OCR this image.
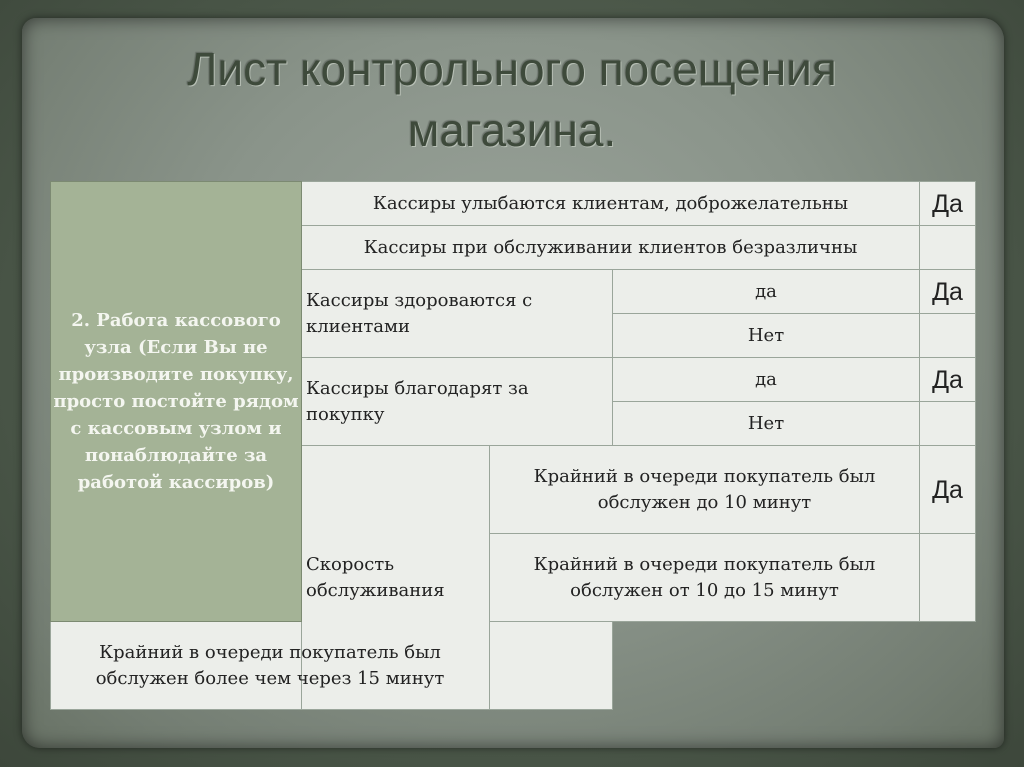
Лист контрольного посещения
магазина.
2. Работа кассового узла (Если Вы не производите покупку, просто постойте рядом с кассовым узлом и понаблюдайте за работой кассиров)	Кассиры улыбаются клиентам, доброжелательны			Да
	Кассиры при обслуживании клиентов безразличны			
	Кассиры здороваются с клиентами		да	Да
			Нет	
	Кассиры благодарят за покупку		да	Да
			Нет	
	Скорость обслуживания	Крайний в очереди покупатель был обслужен до 10 минут		Да
		Крайний в очереди покупатель был обслужен от 10 до 15 минут		
Крайний в очереди покупатель был обслужен более чем через 15 минут				
